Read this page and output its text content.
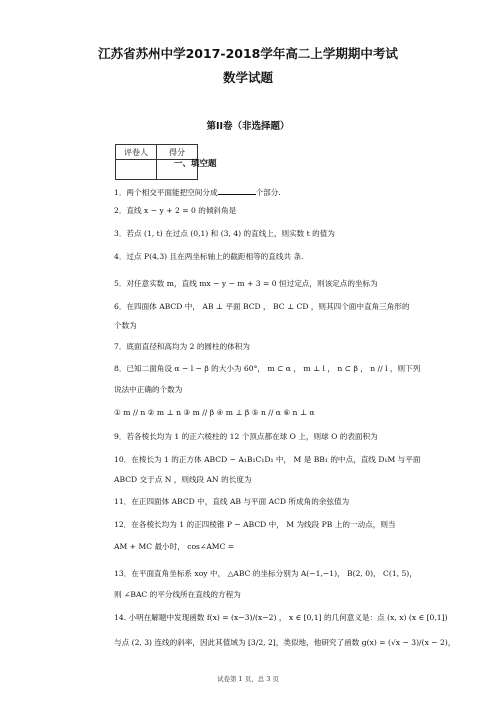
江苏省苏州中学2017-2018学年高二上学期期中考试
数学试题
第II卷（非选择题）
评卷人	得分

一、填空题
1．两个相交平面能把空间分成	个部分.
2．直线 x − y + 2 = 0 的倾斜角是
3．若点 (1, t) 在过点 (0,1) 和 (3, 4) 的直线上，则实数 t 的值为
4．过点 P(4,3) 且在两坐标轴上的截距相等的直线共 条.
5．对任意实数 m，直线 mx − y − m + 3 = 0 恒过定点，则该定点的坐标为
6．在四面体 ABCD 中， AB ⊥ 平面 BCD ， BC ⊥ CD ，则其四个面中直角三角形的
个数为
7．底面直径和高均为 2 的圆柱的体积为
8．已知二面角设 α − l − β 的大小为 60°， m ⊂ α ， m ⊥ l ， n ⊂ β ， n // l ，则下列
说法中正确的个数为
① m // n ② m ⊥ n ③ m // β ④ m ⊥ β ⑤ n // α ⑥ n ⊥ α
9．若各棱长均为 1 的正六棱柱的 12 个顶点都在球 O 上，则球 O 的表面积为
10．在棱长为 1 的正方体 ABCD − A₁B₁C₁D₁ 中， M 是 BB₁ 的中点，直线 D₁M 与平面
ABCD 交于点 N ，则线段 AN 的长度为
11．在正四面体 ABCD 中，直线 AB 与平面 ACD 所成角的余弦值为
12．在各棱长均为 1 的正四棱锥 P − ABCD 中， M 为线段 PB 上的一动点，则当
AM + MC 最小时， cos∠AMC =
13．在平面直角坐标系 xoy 中， △ABC 的坐标分别为 A(−1,−1)， B(2, 0)， C(1, 5)，
则 ∠BAC 的平分线所在直线的方程为
14. 小明在解题中发现函数 f(x) = (x−3)/(x−2) ， x ∈ [0,1] 的几何意义是：点 (x, x) (x ∈ [0,1])
与点 (2, 3) 连线的斜率，因此其值域为 [3/2, 2]，类似地，他研究了函数 g(x) = (√x − 3)/(x − 2)，
试卷第 1 页，总 3 页
